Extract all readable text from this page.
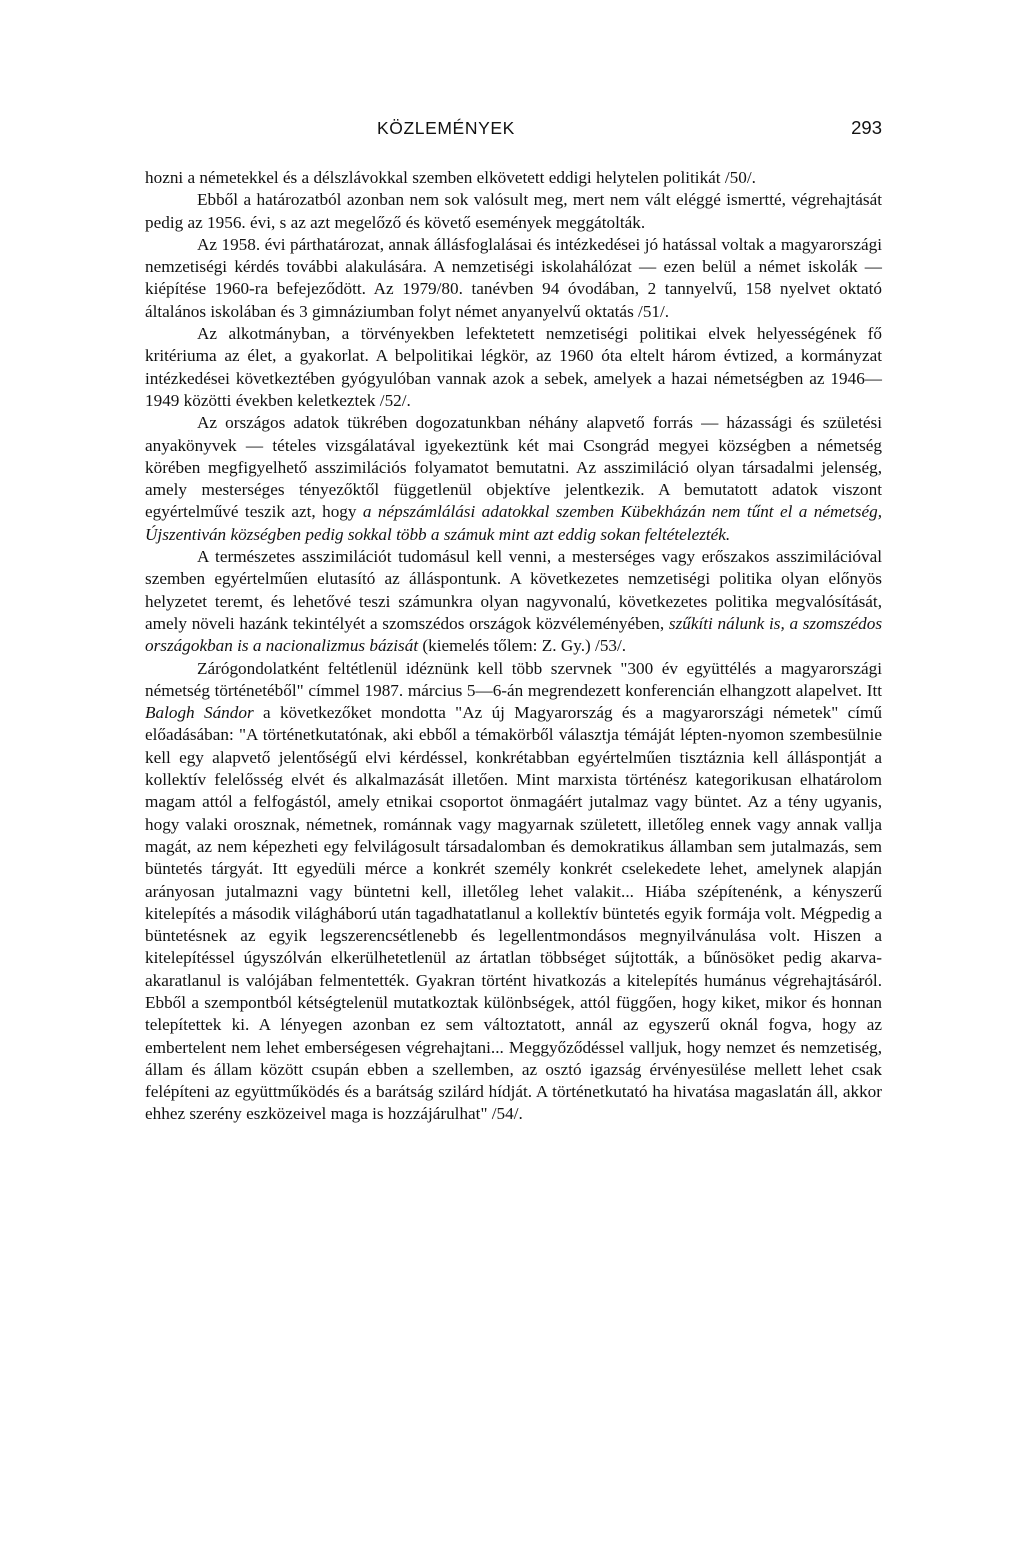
KÖZLEMÉNYEK	293

hozni a németekkel és a délszlávokkal szemben elkövetett eddigi helytelen politikát /50/.

Ebből a határozatból azonban nem sok valósult meg, mert nem vált eléggé ismertté, végrehajtását pedig az 1956. évi, s az azt megelőző és követő események meggátolták.

Az 1958. évi párthatározat, annak állásfoglalásai és intézkedései jó hatással voltak a magyarországi nemzetiségi kérdés további alakulására. A nemzetiségi iskolahálózat — ezen belül a német iskolák — kiépítése 1960-ra befejeződött. Az 1979/80. tanévben 94 óvodában, 2 tannyelvű, 158 nyelvet oktató általános iskolában és 3 gimnáziumban folyt német anyanyelvű oktatás /51/.

Az alkotmányban, a törvényekben lefektetett nemzetiségi politikai elvek helyességének fő kritériuma az élet, a gyakorlat. A belpolitikai légkör, az 1960 óta eltelt három évtized, a kormányzat intézkedései következtében gyógyulóban vannak azok a sebek, amelyek a hazai németségben az 1946—1949 közötti években keletkeztek /52/.

Az országos adatok tükrében dogozatunkban néhány alapvető forrás — házassági és születési anyakönyvek — tételes vizsgálatával igyekeztünk két mai Csongrád megyei községben a németség körében megfigyelhető asszimilációs folyamatot bemutatni. Az asszimiláció olyan társadalmi jelenség, amely mesterséges tényezőktől függetlenül objektíve jelentkezik. A bemutatott adatok viszont egyértelművé teszik azt, hogy a népszámlálási adatokkal szemben Kübekházán nem tűnt el a németség, Újszentiván községben pedig sokkal több a számuk mint azt eddig sokan feltételezték.

A természetes asszimilációt tudomásul kell venni, a mesterséges vagy erőszakos asszimilációval szemben egyértelműen elutasító az álláspontunk. A következetes nemzetiségi politika olyan előnyös helyzetet teremt, és lehetővé teszi számunkra olyan nagyvonalú, következetes politika megvalósítását, amely növeli hazánk tekintélyét a szomszédos országok közvéleményében, szűkíti nálunk is, a szomszédos országokban is a nacionalizmus bázisát (kiemelés tőlem: Z. Gy.) /53/.

Zárógondolatként feltétlenül idéznünk kell több szervnek "300 év együttélés a magyarországi németség történetéből" címmel 1987. március 5—6-án megrendezett konferencián elhangzott alapelvet. Itt Balogh Sándor a következőket mondotta "Az új Magyarország és a magyarországi németek" című előadásában: "A történetkutatónak, aki ebből a témakörből választja témáját lépten-nyomon szembesülnie kell egy alapvető jelentőségű elvi kérdéssel, konkrétabban egyértelműen tisztáznia kell álláspontját a kollektív felelősség elvét és alkalmazását illetően. Mint marxista történész kategorikusan elhatárolom magam attól a felfogástól, amely etnikai csoportot önmagáért jutalmaz vagy büntet. Az a tény ugyanis, hogy valaki orosznak, németnek, románnak vagy magyarnak született, illetőleg ennek vagy annak vallja magát, az nem képezheti egy felvilágosult társadalomban és demokratikus államban sem jutalmazás, sem büntetés tárgyát. Itt egyedüli mérce a konkrét személy konkrét cselekedete lehet, amelynek alapján arányosan jutalmazni vagy büntetni kell, illetőleg lehet valakit... Hiába szépítenénk, a kényszerű kitelepítés a második világháború után tagadhatatlanul a kollektív büntetés egyik formája volt. Mégpedig a büntetésnek az egyik legszerencsétlenebb és legellentmondásos megnyilvánulása volt. Hiszen a kitelepítéssel úgyszólván elkerülhetetlenül az ártatlan többséget sújtották, a bűnösöket pedig akarva-akaratlanul is valójában felmentették. Gyakran történt hivatkozás a kitelepítés humánus végrehajtásáról. Ebből a szempontból kétségtelenül mutatkoztak különbségek, attól függően, hogy kiket, mikor és honnan telepítettek ki. A lényegen azonban ez sem változtatott, annál az egyszerű oknál fogva, hogy az embertelent nem lehet emberségesen végrehajtani... Meggyőződéssel valljuk, hogy nemzet és nemzetiség, állam és állam között csupán ebben a szellemben, az osztó igazság érvényesülése mellett lehet csak felépíteni az együttműködés és a barátság szilárd hídját. A történetkutató ha hivatása magaslatán áll, akkor ehhez szerény eszközeivel maga is hozzájárulhat" /54/.
